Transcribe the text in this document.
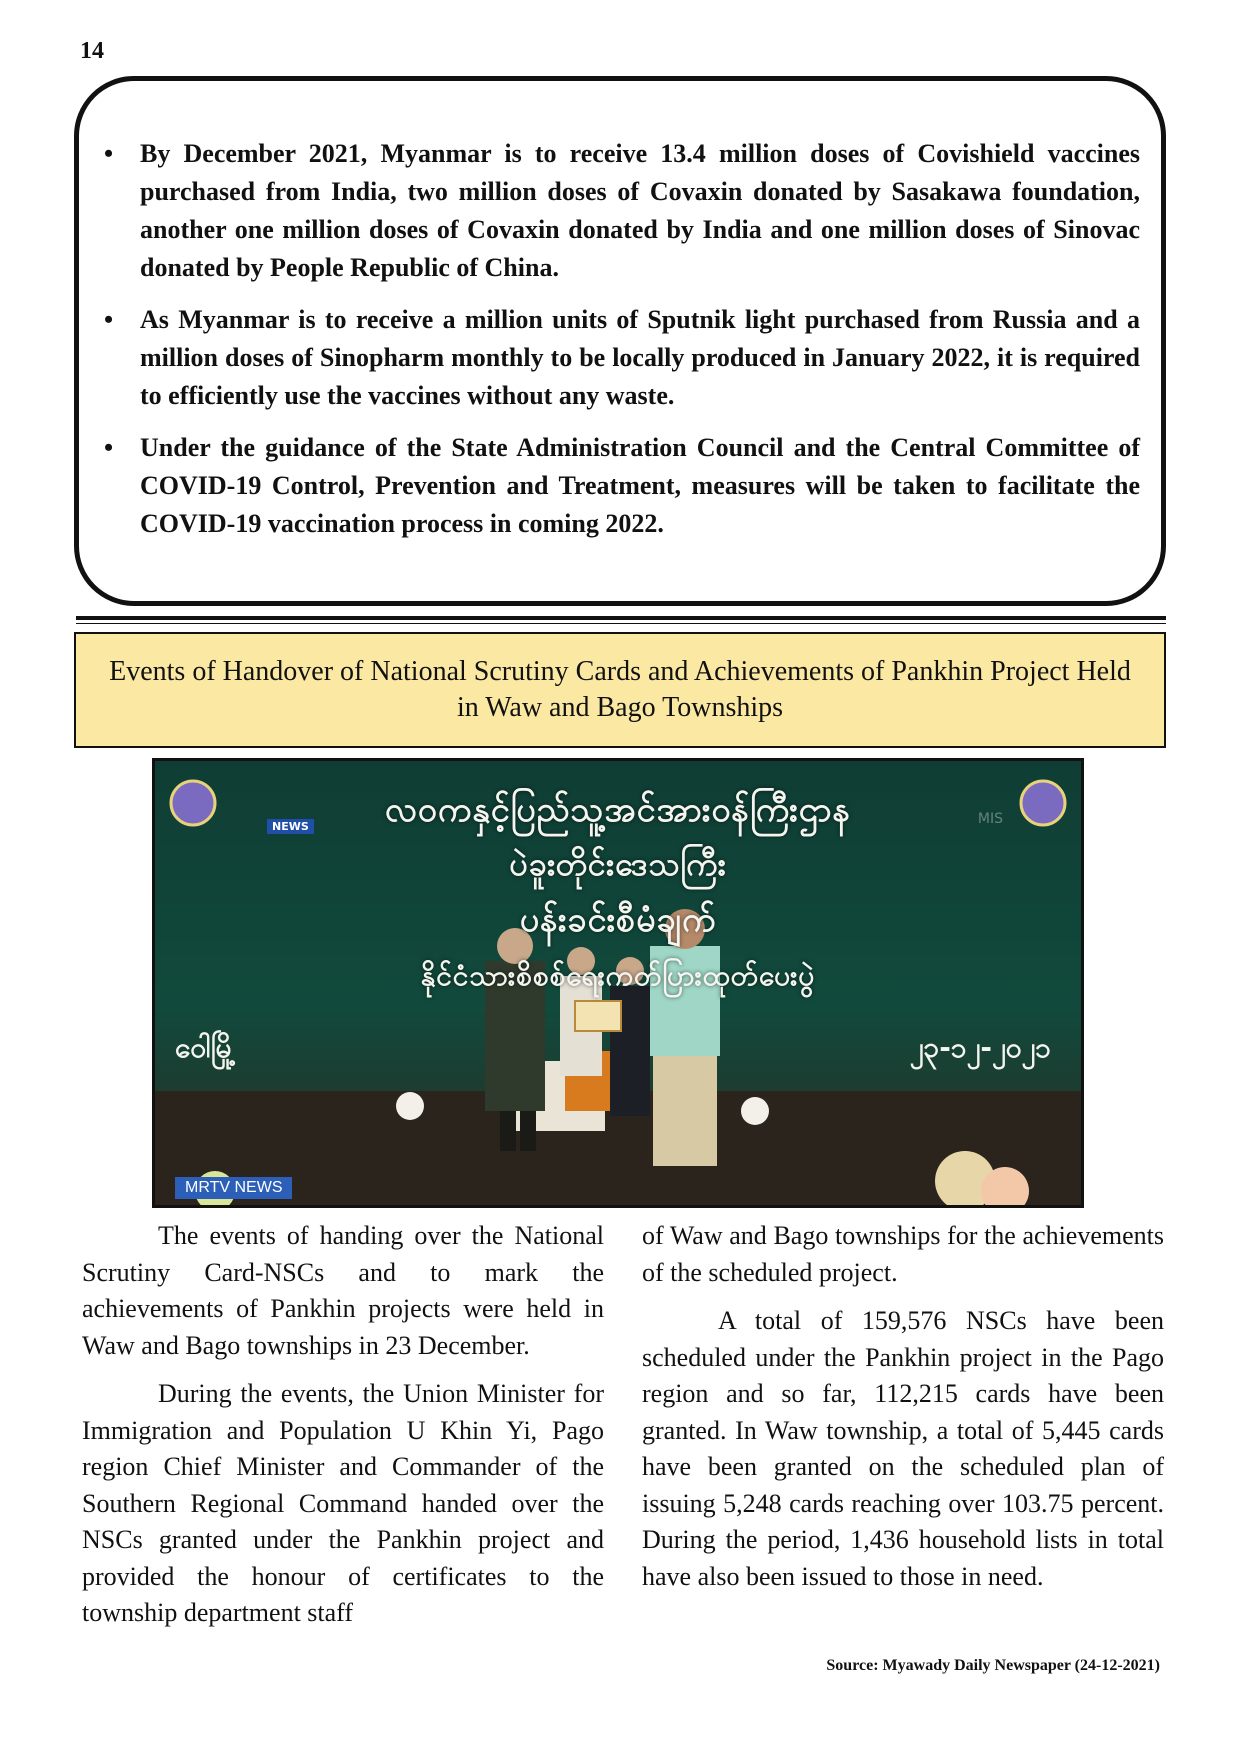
14
• By December 2021, Myanmar is to receive 13.4 million doses of Covishield vaccines purchased from India, two million doses of Covaxin donated by Sasakawa foundation, another one million doses of Covaxin donated by India and one million doses of Sinovac donated by People Republic of China.
• As Myanmar is to receive a million units of Sputnik light purchased from Russia and a million doses of Sinopharm monthly to be locally produced in January 2022, it is required to efficiently use the vaccines without any waste.
• Under the guidance of the State Administration Council and the Central Committee of COVID-19 Control, Prevention and Treatment, measures will be taken to facilitate the COVID-19 vaccination process in coming 2022.
Events of Handover of National Scrutiny Cards and Achievements of Pankhin Project Held in Waw and Bago Townships
NEWS	MIS
လဝကနှင့်ပြည်သူ့အင်အားဝန်ကြီးဌာန
ပဲခူးတိုင်းဒေသကြီး
ပန်းခင်းစီမံချက်
နိုင်ငံသားစိစစ်ရေးကတ်ပြားထုတ်ပေးပွဲ
ဝေါမြို့	၂၃-၁၂-၂၀၂၁
MRTV NEWS

The events of handing over the National Scrutiny Card-NSCs and to mark the achievements of Pankhin projects were held in Waw and Bago townships in 23 December.

During the events, the Union Minister for Immigration and Population U Khin Yi, Pago region Chief Minister and Commander of the Southern Regional Command handed over the NSCs granted under the Pankhin project and provided the honour of certificates to the township department staff

of Waw and Bago townships for the achievements of the scheduled project.

A total of 159,576 NSCs have been scheduled under the Pankhin project in the Pago region and so far, 112,215 cards have been granted. In Waw township, a total of 5,445 cards have been granted on the scheduled plan of issuing 5,248 cards reaching over 103.75 percent. During the period, 1,436 household lists in total have also been issued to those in need.

Source: Myawady Daily Newspaper (24-12-2021)
